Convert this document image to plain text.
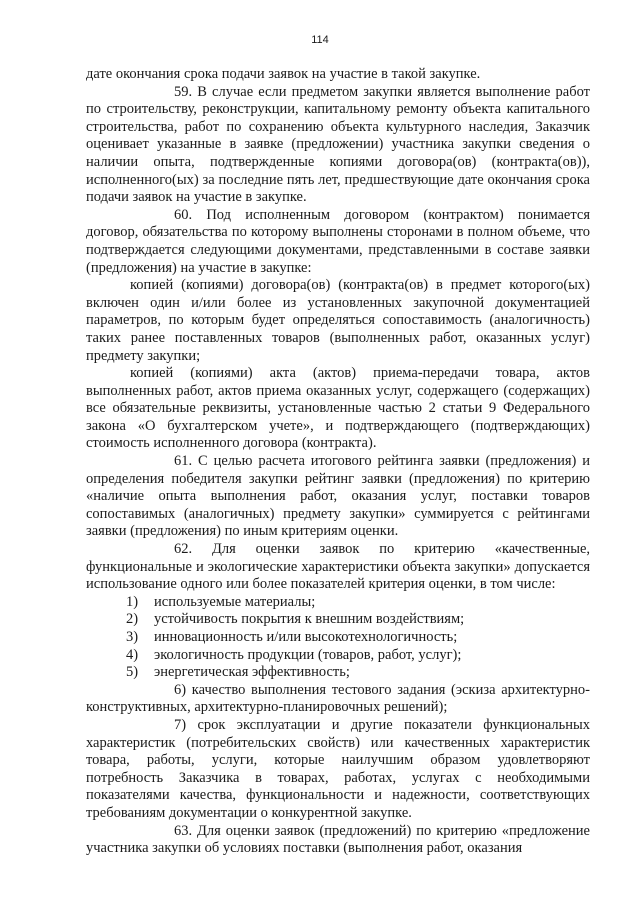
114

дате окончания срока подачи заявок на участие в такой закупке.

59. В случае если предметом закупки является выполнение работ по строительству, реконструкции, капитальному ремонту объекта капитального строительства, работ по сохранению объекта культурного наследия, Заказчик оценивает указанные в заявке (предложении) участника закупки сведения о наличии опыта, подтвержденные копиями договора(ов) (контракта(ов)), исполненного(ых) за последние пять лет, предшествующие дате окончания срока подачи заявок на участие в закупке.

60. Под исполненным договором (контрактом) понимается договор, обязательства по которому выполнены сторонами в полном объеме, что подтверждается следующими документами, представленными в составе заявки (предложения) на участие в закупке:

копией (копиями) договора(ов) (контракта(ов) в предмет которого(ых) включен один и/или более из установленных закупочной документацией параметров, по которым будет определяться сопоставимость (аналогичность) таких ранее поставленных товаров (выполненных работ, оказанных услуг) предмету закупки;

копией (копиями) акта (актов) приема-передачи товара, актов выполненных работ, актов приема оказанных услуг, содержащего (содержащих) все обязательные реквизиты, установленные частью 2 статьи 9 Федерального закона «О бухгалтерском учете», и подтверждающего (подтверждающих) стоимость исполненного договора (контракта).

61. С целью расчета итогового рейтинга заявки (предложения) и определения победителя закупки рейтинг заявки (предложения) по критерию «наличие опыта выполнения работ, оказания услуг, поставки товаров сопоставимых (аналогичных) предмету закупки» суммируется с рейтингами заявки (предложения) по иным критериям оценки.

62. Для оценки заявок по критерию «качественные, функциональные и экологические характеристики объекта закупки» допускается использование одного или более показателей критерия оценки, в том числе:

1)	используемые материалы;

2)	устойчивость покрытия к внешним воздействиям;

3)	инновационность и/или высокотехнологичность;

4)	экологичность продукции (товаров, работ, услуг);

5)	энергетическая эффективность;

6) качество выполнения тестового задания (эскиза архитектурно-конструктивных, архитектурно-планировочных решений);

7) срок эксплуатации и другие показатели функциональных характеристик (потребительских свойств) или качественных характеристик товара, работы, услуги, которые наилучшим образом удовлетворяют потребность Заказчика в товарах, работах, услугах с необходимыми показателями качества, функциональности и надежности, соответствующих требованиям документации о конкурентной закупке.

63. Для оценки заявок (предложений) по критерию «предложение участника закупки об условиях поставки (выполнения работ, оказания
